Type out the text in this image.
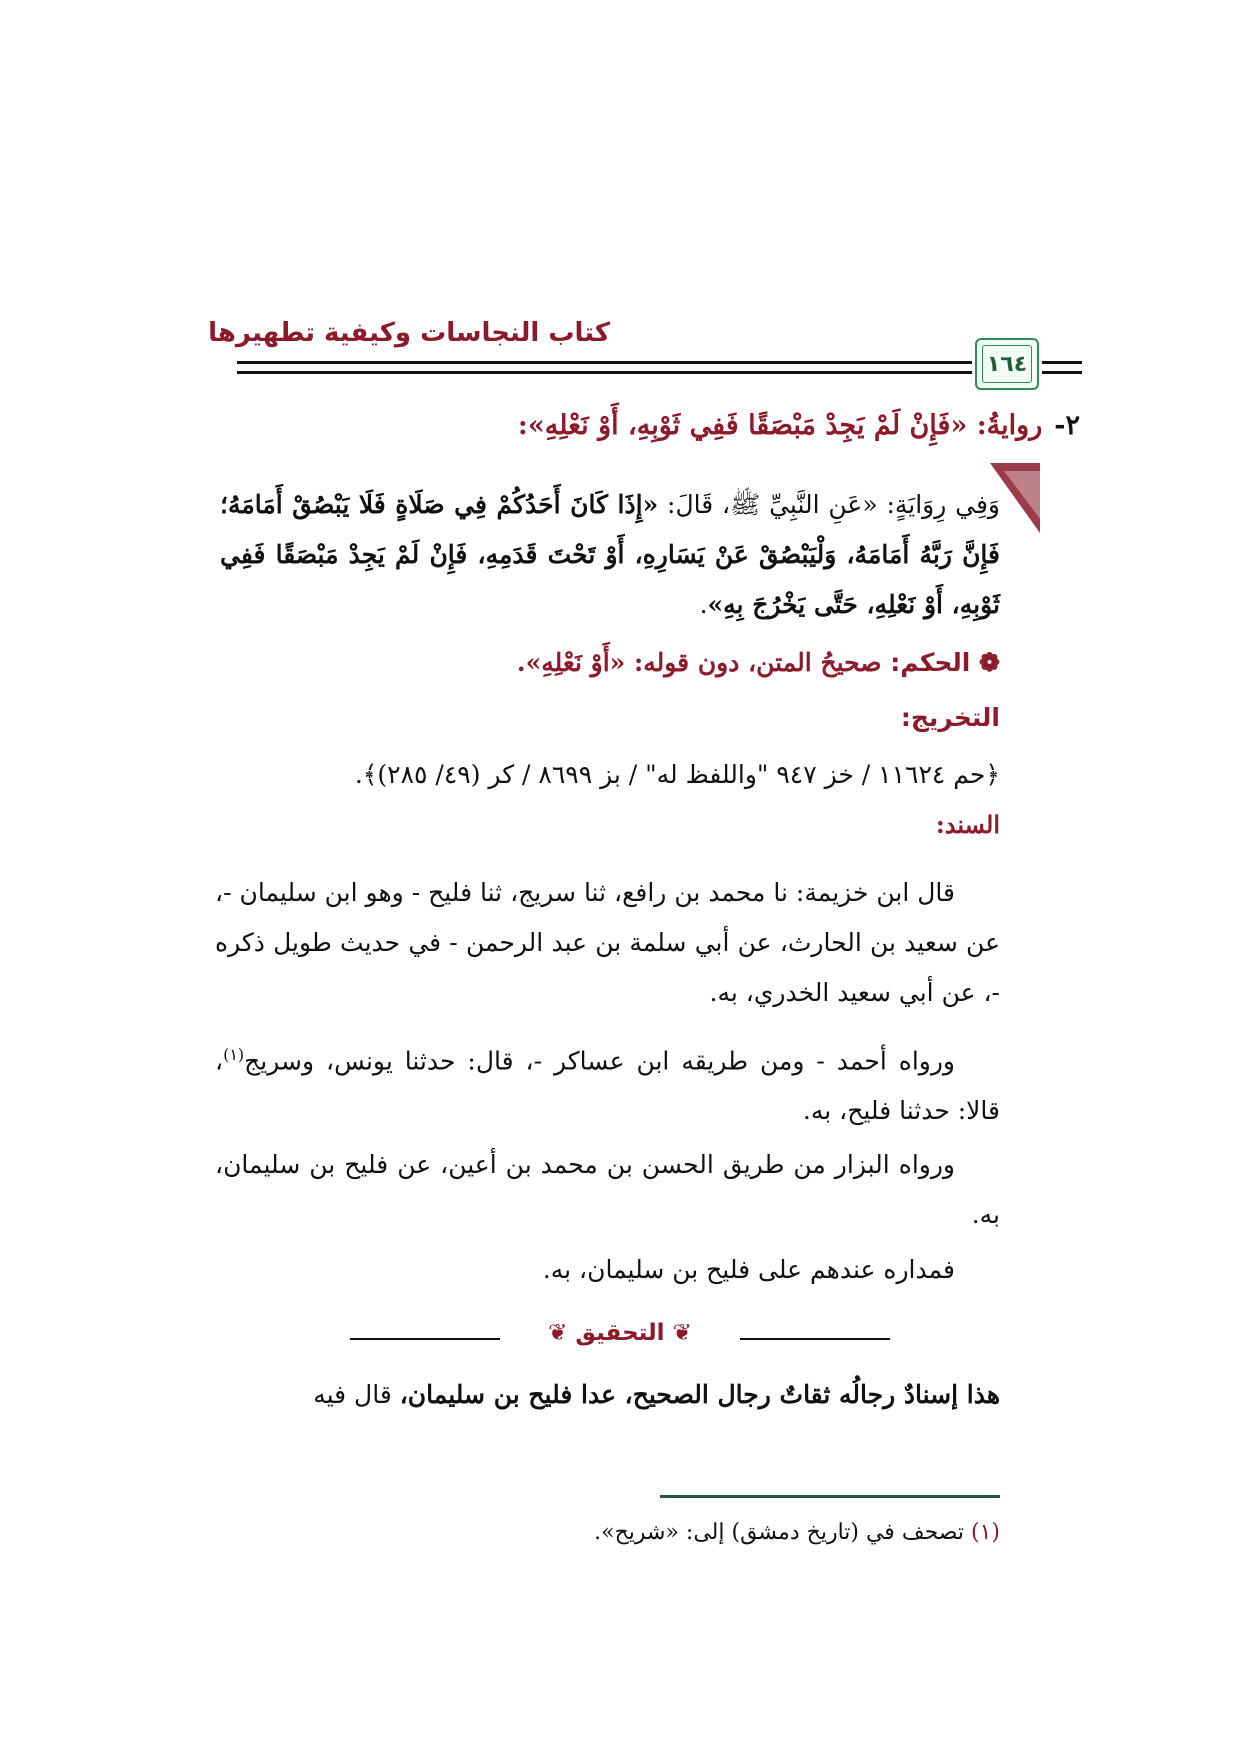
كتاب النجاسات وكيفية تطهيرها
١٦٤
٢-روايةُ: «فَإِنْ لَمْ يَجِدْ مَبْصَقًا فَفِي ثَوْبِهِ، أَوْ نَعْلِهِ»:
وَفِي رِوَايَةٍ: «عَنِ النَّبِيِّ ﷺ، قَالَ: «إِذَا كَانَ أَحَدُكُمْ فِي صَلَاةٍ فَلَا يَبْصُقْ أَمَامَهُ؛ فَإِنَّ رَبَّهُ أَمَامَهُ، وَلْيَبْصُقْ عَنْ يَسَارِهِ، أَوْ تَحْتَ قَدَمِهِ، فَإِنْ لَمْ يَجِدْ مَبْصَقًا فَفِي ثَوْبِهِ، أَوْ نَعْلِهِ، حَتَّى يَخْرُجَ بِهِ».
❁ الحكم: صحيحُ المتن، دون قوله: «أَوْ نَعْلِهِ».
التخريج:
﴿حم ١١٦٢٤ / خز ٩٤٧ "واللفظ له" / بز ٨٦٩٩ / كر (٤٩/ ٢٨٥)﴾.
السند:
قال ابن خزيمة: نا محمد بن رافع، ثنا سريج، ثنا فليح - وهو ابن سليمان -، عن سعيد بن الحارث، عن أبي سلمة بن عبد الرحمن - في حديث طويل ذكره -، عن أبي سعيد الخدري، به.
ورواه أحمد - ومن طريقه ابن عساكر -، قال: حدثنا يونس، وسريج$^{(١)}$، قالا: حدثنا فليح، به.
ورواه البزار من طريق الحسن بن محمد بن أعين، عن فليح بن سليمان، به.
فمداره عندهم على فليح بن سليمان، به.
❦ التحقيق ❦
هذا إسنادٌ رجالُه ثقاتٌ رجال الصحيح، عدا فليح بن سليمان، قال فيه
(١) تصحف في (تاريخ دمشق) إلى: «شريح».
